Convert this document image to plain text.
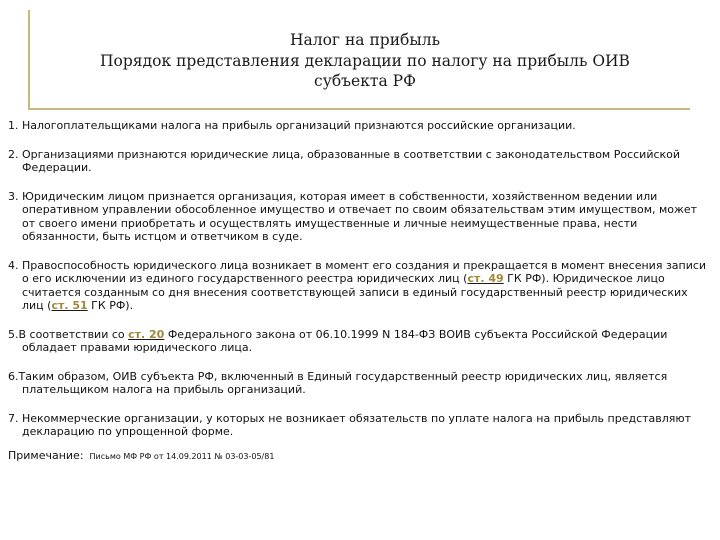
Налог на прибыль
Порядок представления декларации по налогу на прибыль ОИВ
субъекта РФ
1. Налогоплательщиками налога на прибыль организаций признаются российские организации.
2. Организациями признаются юридические лица, образованные в соответствии с законодательством Российской Федерации.
3. Юридическим лицом признается организация, которая имеет в собственности, хозяйственном ведении или оперативном управлении обособленное имущество и отвечает по своим обязательствам этим имуществом, может от своего имени приобретать и осуществлять имущественные и личные неимущественные права, нести обязанности, быть истцом и ответчиком в суде.
4. Правоспособность юридического лица возникает в момент его создания и прекращается в момент внесения записи о его исключении из единого государственного реестра юридических лиц (ст. 49 ГК РФ). Юридическое лицо считается созданным со дня внесения соответствующей записи в единый государственный реестр юридических лиц (ст. 51 ГК РФ).
5.В соответствии со ст. 20 Федерального закона от 06.10.1999 N 184-ФЗ ВОИВ субъекта Российской Федерации обладает правами юридического лица.
6.Таким образом, ОИВ субъекта РФ, включенный в Единый государственный реестр юридических лиц, является плательщиком налога на прибыль организаций.
7. Некоммерческие организации, у которых не возникает обязательств по уплате налога на прибыль представляют декларацию по упрощенной форме.
Примечание: Письмо МФ РФ от 14.09.2011 № 03-03-05/81
